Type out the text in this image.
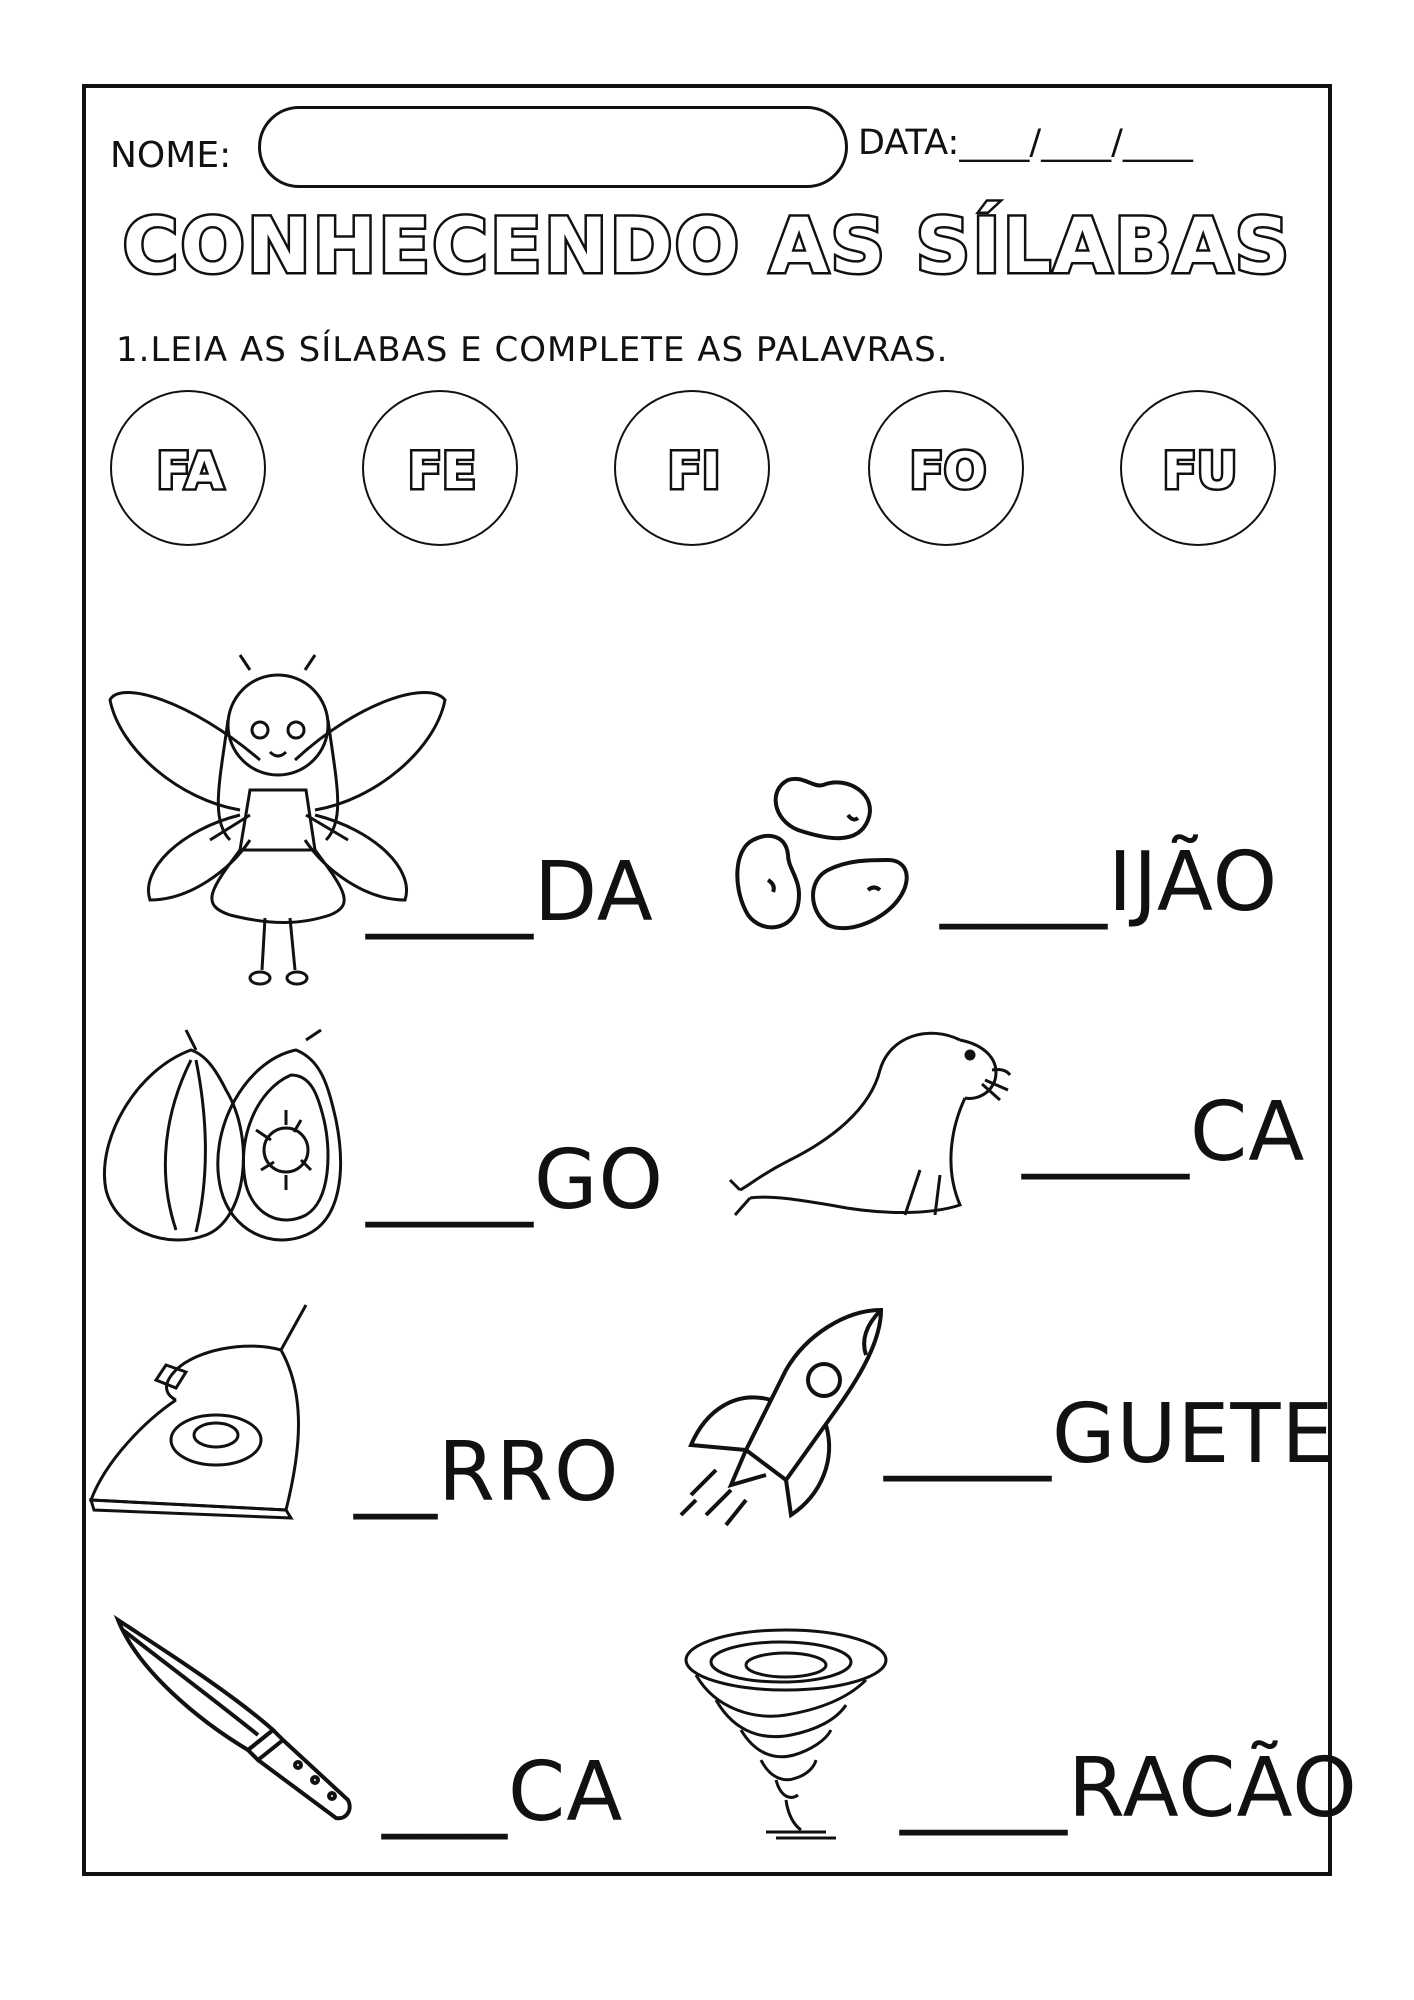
NOME:	DATA:____/____/____
CONHECENDO AS SÍLABAS
1.LEIA AS SÍLABAS E COMPLETE AS PALAVRAS.
FA	FE	FI	FO	FU
____DA	____IJÃO
____GO
____CA
__RRO	____GUETE
___CA	____RACÃO
